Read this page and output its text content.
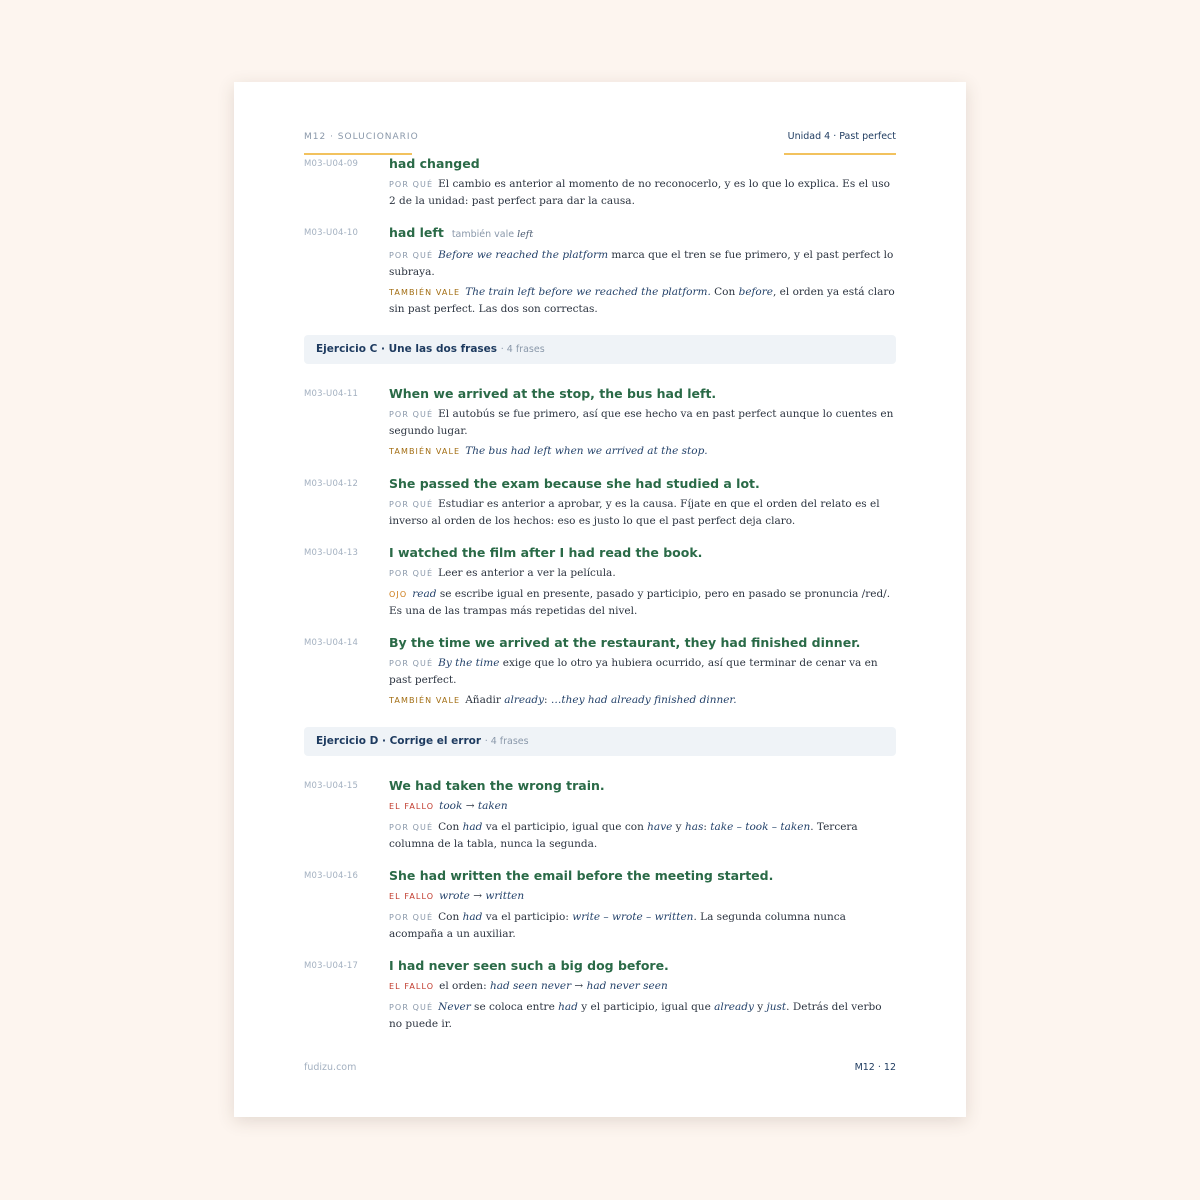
M12 · SOLUCIONARIO	Unidad 4 · Past perfect
M03-U04-09 had changed
POR QUÉ El cambio es anterior al momento de no reconocerlo, y es lo que lo explica. Es el uso 2 de la unidad: past perfect para dar la causa.
M03-U04-10 had left también vale left
POR QUÉ Before we reached the platform marca que el tren se fue primero, y el past perfect lo subraya.
TAMBIÉN VALE The train left before we reached the platform. Con before, el orden ya está claro sin past perfect. Las dos son correctas.
Ejercicio C · Une las dos frases · 4 frases
M03-U04-11 When we arrived at the stop, the bus had left.
POR QUÉ El autobús se fue primero, así que ese hecho va en past perfect aunque lo cuentes en segundo lugar.
TAMBIÉN VALE The bus had left when we arrived at the stop.
M03-U04-12 She passed the exam because she had studied a lot.
POR QUÉ Estudiar es anterior a aprobar, y es la causa. Fíjate en que el orden del relato es el inverso al orden de los hechos: eso es justo lo que el past perfect deja claro.
M03-U04-13 I watched the film after I had read the book.
POR QUÉ Leer es anterior a ver la película.
OJO read se escribe igual en presente, pasado y participio, pero en pasado se pronuncia /red/. Es una de las trampas más repetidas del nivel.
M03-U04-14 By the time we arrived at the restaurant, they had finished dinner.
POR QUÉ By the time exige que lo otro ya hubiera ocurrido, así que terminar de cenar va en past perfect.
TAMBIÉN VALE Añadir already: …they had already finished dinner.
Ejercicio D · Corrige el error · 4 frases
M03-U04-15 We had taken the wrong train.
EL FALLO took → taken
POR QUÉ Con had va el participio, igual que con have y has: take – took – taken. Tercera columna de la tabla, nunca la segunda.
M03-U04-16 She had written the email before the meeting started.
EL FALLO wrote → written
POR QUÉ Con had va el participio: write – wrote – written. La segunda columna nunca acompaña a un auxiliar.
M03-U04-17 I had never seen such a big dog before.
EL FALLO el orden: had seen never → had never seen
POR QUÉ Never se coloca entre had y el participio, igual que already y just. Detrás del verbo no puede ir.
fudizu.com	M12 · 12
